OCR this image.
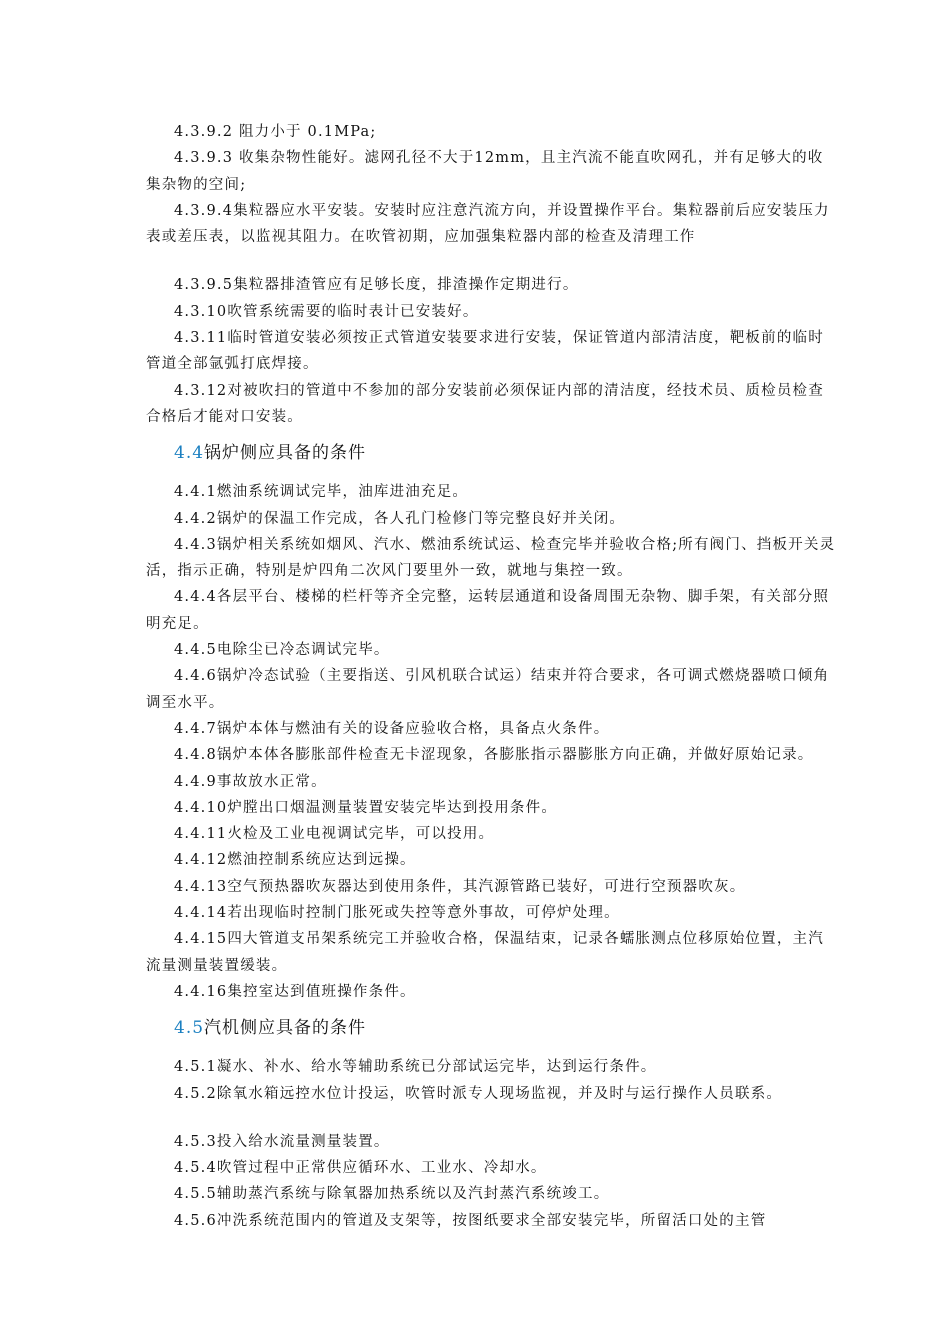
4.3.9.2 阻力小于 0.1MPa;

4.3.9.3 收集杂物性能好。滤网孔径不大于12mm，且主汽流不能直吹网孔，并有足够大的收集杂物的空间;

4.3.9.4集粒器应水平安装。安装时应注意汽流方向，并设置操作平台。集粒器前后应安装压力表或差压表，以监视其阻力。在吹管初期，应加强集粒器内部的检查及清理工作

4.3.9.5集粒器排渣管应有足够长度，排渣操作定期进行。

4.3.10吹管系统需要的临时表计已安装好。

4.3.11临时管道安装必须按正式管道安装要求进行安装，保证管道内部清洁度，靶板前的临时管道全部氩弧打底焊接。

4.3.12对被吹扫的管道中不参加的部分安装前必须保证内部的清洁度，经技术员、质检员检查合格后才能对口安装。

4.4锅炉侧应具备的条件

4.4.1燃油系统调试完毕，油库进油充足。

4.4.2锅炉的保温工作完成，各人孔门检修门等完整良好并关闭。

4.4.3锅炉相关系统如烟风、汽水、燃油系统试运、检查完毕并验收合格;所有阀门、挡板开关灵活，指示正确，特别是炉四角二次风门要里外一致，就地与集控一致。

4.4.4各层平台、楼梯的栏杆等齐全完整，运转层通道和设备周围无杂物、脚手架，有关部分照明充足。

4.4.5电除尘已冷态调试完毕。

4.4.6锅炉冷态试验（主要指送、引风机联合试运）结束并符合要求，各可调式燃烧器喷口倾角调至水平。

4.4.7锅炉本体与燃油有关的设备应验收合格，具备点火条件。

4.4.8锅炉本体各膨胀部件检查无卡涩现象，各膨胀指示器膨胀方向正确，并做好原始记录。

4.4.9事故放水正常。

4.4.10炉膛出口烟温测量装置安装完毕达到投用条件。

4.4.11火检及工业电视调试完毕，可以投用。

4.4.12燃油控制系统应达到远操。

4.4.13空气预热器吹灰器达到使用条件，其汽源管路已装好，可进行空预器吹灰。

4.4.14若出现临时控制门胀死或失控等意外事故，可停炉处理。

4.4.15四大管道支吊架系统完工并验收合格，保温结束，记录各蠕胀测点位移原始位置，主汽流量测量装置缓装。

4.4.16集控室达到值班操作条件。

4.5汽机侧应具备的条件

4.5.1凝水、补水、给水等辅助系统已分部试运完毕，达到运行条件。

4.5.2除氧水箱远控水位计投运，吹管时派专人现场监视，并及时与运行操作人员联系。

4.5.3投入给水流量测量装置。

4.5.4吹管过程中正常供应循环水、工业水、冷却水。

4.5.5辅助蒸汽系统与除氧器加热系统以及汽封蒸汽系统竣工。

4.5.6冲洗系统范围内的管道及支架等，按图纸要求全部安装完毕，所留活口处的主管
